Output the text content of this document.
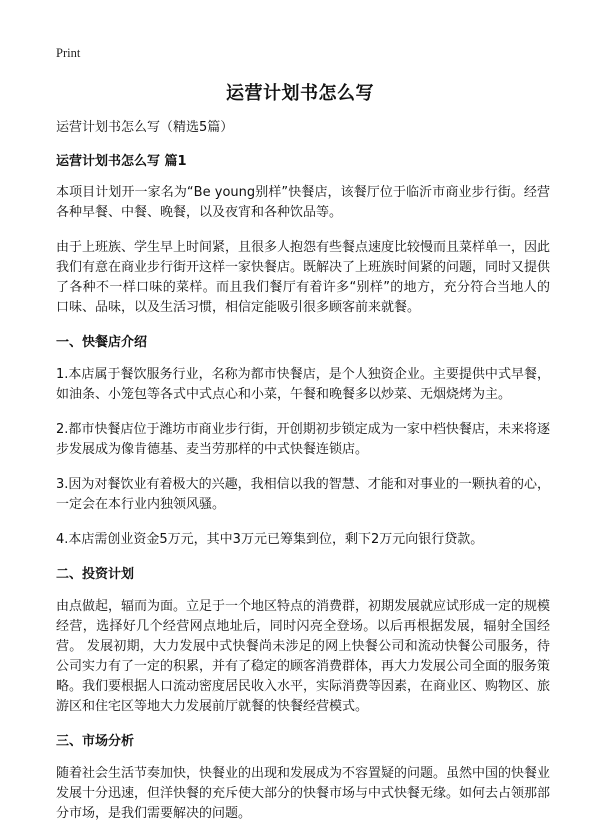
Print
运营计划书怎么写

运营计划书怎么写（精选5篇）

运营计划书怎么写 篇1

本项目计划开一家名为“Be young别样”快餐店，该餐厅位于临沂市商业步行街。经营各种早餐、中餐、晚餐，以及夜宵和各种饮品等。

由于上班族、学生早上时间紧，且很多人抱怨有些餐点速度比较慢而且菜样单一，因此我们有意在商业步行街开这样一家快餐店。既解决了上班族时间紧的问题，同时又提供了各种不一样口味的菜样。而且我们餐厅有着许多“别样”的地方，充分符合当地人的口味、品味，以及生活习惯，相信定能吸引很多顾客前来就餐。

一、快餐店介绍

1.本店属于餐饮服务行业，名称为都市快餐店，是个人独资企业。主要提供中式早餐，如油条、小笼包等各式中式点心和小菜，午餐和晚餐多以炒菜、无烟烧烤为主。

2.都市快餐店位于潍坊市商业步行街，开创期初步锁定成为一家中档快餐店，未来将逐步发展成为像肯德基、麦当劳那样的中式快餐连锁店。

3.因为对餐饮业有着极大的兴趣，我相信以我的智慧、才能和对事业的一颗执着的心，一定会在本行业内独领风骚。

4.本店需创业资金5万元，其中3万元已筹集到位，剩下2万元向银行贷款。

二、投资计划

由点做起，辐而为面。立足于一个地区特点的消费群，初期发展就应试形成一定的规模经营，选择好几个经营网点地址后，同时闪亮全登场。以后再根据发展，辐射全国经营。 发展初期，大力发展中式快餐尚未涉足的网上快餐公司和流动快餐公司服务，待公司实力有了一定的积累，并有了稳定的顾客消费群体，再大力发展公司全面的服务策略。我们要根据人口流动密度居民收入水平，实际消费等因素，在商业区、购物区、旅游区和住宅区等地大力发展前厅就餐的快餐经营模式。

三、市场分析

随着社会生活节奏加快，快餐业的出现和发展成为不容置疑的问题。虽然中国的快餐业发展十分迅速，但洋快餐的充斥使大部分的快餐市场与中式快餐无缘。如何去占领那部分市场，是我们需要解决的问题。
